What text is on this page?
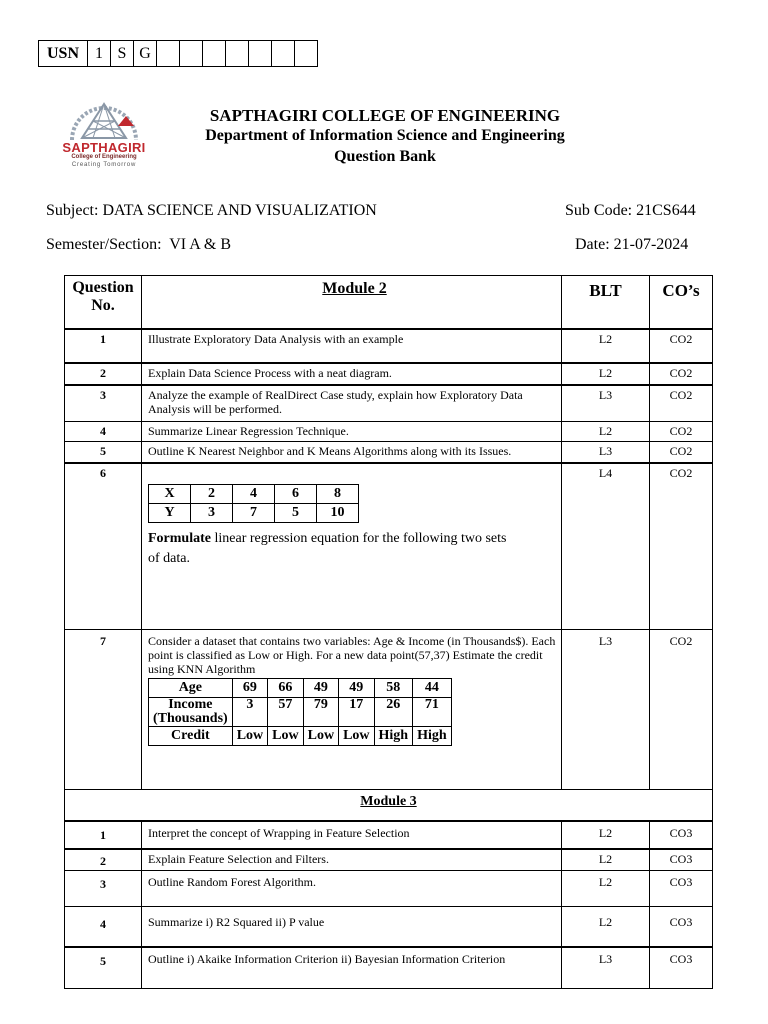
USN	1	S	G							
SAPTHAGIRI
College of Engineering
Creating Tomorrow
SAPTHAGIRI COLLEGE OF ENGINEERING
Department of Information Science and Engineering
Question Bank
Subject: DATA SCIENCE AND VISUALIZATION	Sub Code: 21CS644
Semester/Section:  VI A & B	Date: 21-07-2024
Question
No.
	Module 2	BLT	CO’s
1	Illustrate Exploratory Data Analysis with an example	L2	CO2
2	Explain Data Science Process with a neat diagram.	L2	CO2
3	Analyze the example of RealDirect Case study, explain how Exploratory Data Analysis will be performed.	L3	CO2
4	Summarize Linear Regression Technique.	L2	CO2
5	Outline K Nearest Neighbor and K Means Algorithms along with its Issues.	L3	CO2
6	
X	2	4	6	8
Y	3	7	5	10
Formulate linear regression equation for the following two sets of data.
	L4	CO2
7	Consider a dataset that contains two variables: Age & Income (in Thousands$). Each point is classified as Low or High. For a new data point(57,37) Estimate the credit using KNN Algorithm
Age	69	66	49	49	58	44

Income
(Thousands)
	3	57	79	17	26	71
Credit	Low	Low	Low	Low	High	High
	L3	CO2
Module 3
1	Interpret the concept of Wrapping in Feature Selection	L2	CO3
2	Explain Feature Selection and Filters.	L2	CO3
3	Outline Random Forest Algorithm.	L2	CO3
4	Summarize i) R2 Squared ii) P value	L2	CO3
5	Outline i) Akaike Information Criterion ii) Bayesian Information Criterion	L3	CO3
